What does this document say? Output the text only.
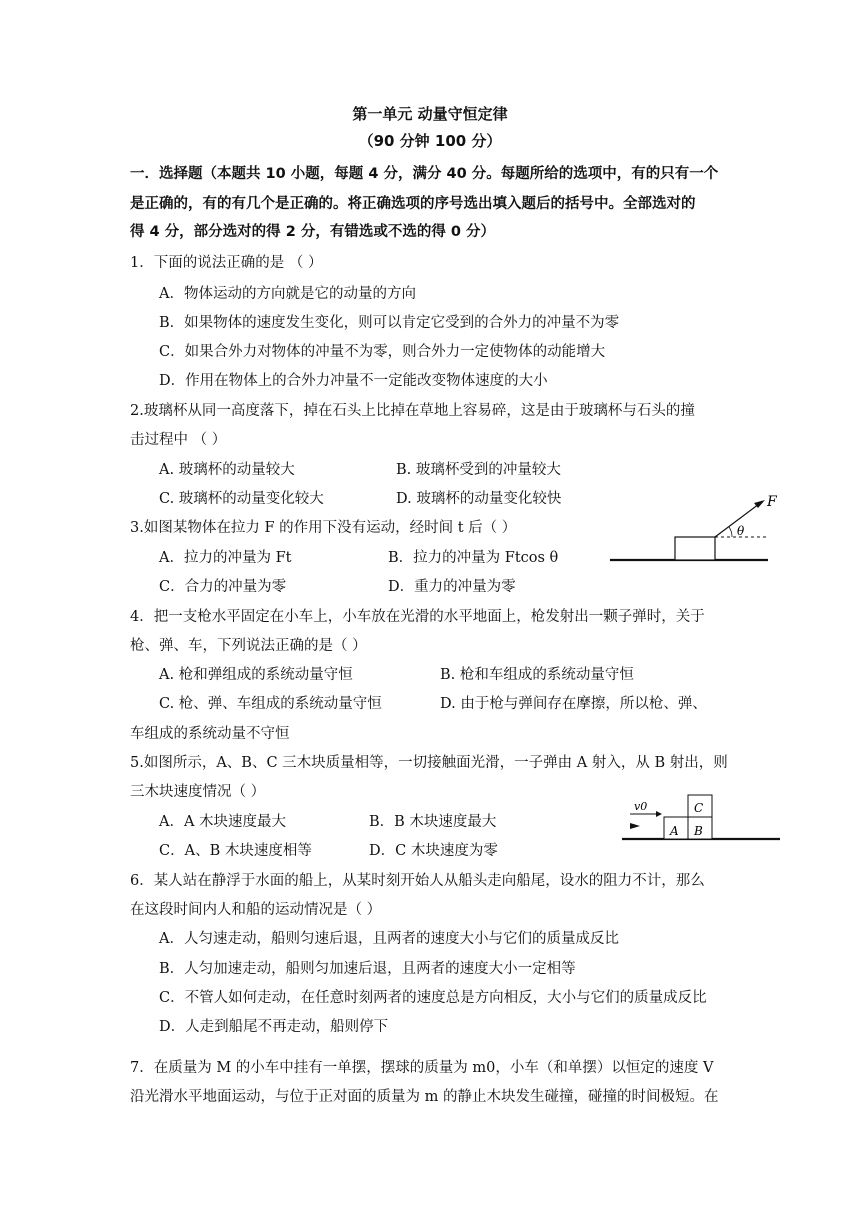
第一单元 动量守恒定律
（90 分钟 100 分）
一．选择题（本题共 10 小题，每题 4 分，满分 40 分。每题所给的选项中，有的只有一个
是正确的，有的有几个是正确的。将正确选项的序号选出填入题后的括号中。全部选对的
得 4 分，部分选对的得 2 分，有错选或不选的得 0 分）
1．下面的说法正确的是 （ ）
A．物体运动的方向就是它的动量的方向
B．如果物体的速度发生变化，则可以肯定它受到的合外力的冲量不为零
C．如果合外力对物体的冲量不为零，则合外力一定使物体的动能增大
D．作用在物体上的合外力冲量不一定能改变物体速度的大小
2.玻璃杯从同一高度落下，掉在石头上比掉在草地上容易碎，这是由于玻璃杯与石头的撞
击过程中 （ ）
A. 玻璃杯的动量较大	B. 玻璃杯受到的冲量较大
C. 玻璃杯的动量变化较大	D. 玻璃杯的动量变化较快
3.如图某物体在拉力 F 的作用下没有运动，经时间 t 后（ ）
A．拉力的冲量为 Ft	B．拉力的冲量为 Ftcos θ
C．合力的冲量为零	D．重力的冲量为零
F
θ
4．把一支枪水平固定在小车上，小车放在光滑的水平地面上，枪发射出一颗子弹时，关于
枪、弹、车，下列说法正确的是（ ）
A. 枪和弹组成的系统动量守恒	B. 枪和车组成的系统动量守恒
C. 枪、弹、车组成的系统动量守恒	D. 由于枪与弹间存在摩擦，所以枪、弹、
车组成的系统动量不守恒
5.如图所示，A、B、C 三木块质量相等，一切接触面光滑，一子弹由 A 射入，从 B 射出，则
三木块速度情况（ ）
A．A 木块速度最大	B．B 木块速度最大
C．A、B 木块速度相等	D．C 木块速度为零
v0
A B
C
6．某人站在静浮于水面的船上，从某时刻开始人从船头走向船尾，设水的阻力不计，那么
在这段时间内人和船的运动情况是（ ）
A．人匀速走动，船则匀速后退，且两者的速度大小与它们的质量成反比
B．人匀加速走动，船则匀加速后退，且两者的速度大小一定相等
C．不管人如何走动，在任意时刻两者的速度总是方向相反，大小与它们的质量成反比
D．人走到船尾不再走动，船则停下
7．在质量为 M 的小车中挂有一单摆，摆球的质量为 m0，小车（和单摆）以恒定的速度 V
沿光滑水平地面运动，与位于正对面的质量为 m 的静止木块发生碰撞，碰撞的时间极短。在
